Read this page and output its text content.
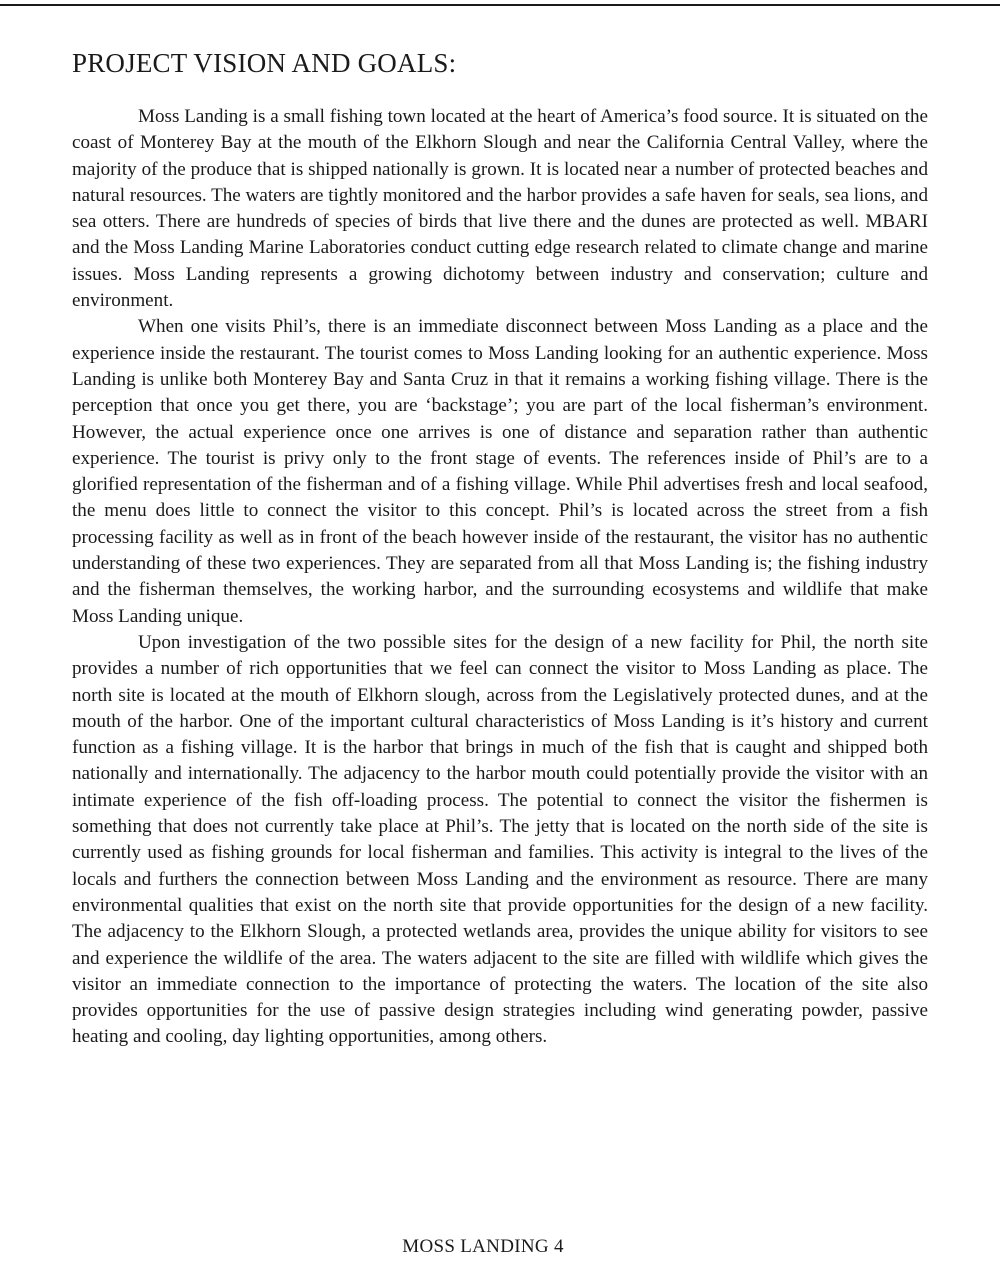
PROJECT VISION AND GOALS:

Moss Landing is a small fishing town located at the heart of America’s food source. It is situated on the coast of Monterey Bay at the mouth of the Elkhorn Slough and near the California Central Valley, where the majority of the produce that is shipped nationally is grown. It is located near a number of protected beaches and natural resources. The waters are tightly monitored and the harbor provides a safe haven for seals, sea lions, and sea otters. There are hundreds of species of birds that live there and the dunes are protected as well. MBARI and the Moss Landing Marine Laboratories conduct cutting edge research related to climate change and marine issues. Moss Landing represents a growing dichotomy between industry and conservation; culture and environment.

When one visits Phil’s, there is an immediate disconnect between Moss Landing as a place and the experience inside the restaurant. The tourist comes to Moss Landing looking for an authentic experience. Moss Landing is unlike both Monterey Bay and Santa Cruz in that it remains a working fishing village. There is the perception that once you get there, you are ‘backstage’; you are part of the local fisherman’s environment. However, the actual experience once one arrives is one of distance and separation rather than authentic experience. The tourist is privy only to the front stage of events. The references inside of Phil’s are to a glorified representation of the fisherman and of a fishing village. While Phil advertises fresh and local seafood, the menu does little to connect the visitor to this concept. Phil’s is located across the street from a fish processing facility as well as in front of the beach however inside of the restaurant, the visitor has no authentic understanding of these two experiences. They are separated from all that Moss Landing is; the fishing industry and the fisherman themselves, the working harbor, and the surrounding ecosystems and wildlife that make Moss Landing unique.

Upon investigation of the two possible sites for the design of a new facility for Phil, the north site provides a number of rich opportunities that we feel can connect the visitor to Moss Landing as place. The north site is located at the mouth of Elkhorn slough, across from the Legislatively protected dunes, and at the mouth of the harbor. One of the important cultural characteristics of Moss Landing is it’s history and current function as a fishing village. It is the harbor that brings in much of the fish that is caught and shipped both nationally and internationally. The adjacency to the harbor mouth could potentially provide the visitor with an intimate experience of the fish off-loading process. The potential to connect the visitor the fishermen is something that does not currently take place at Phil’s. The jetty that is located on the north side of the site is currently used as fishing grounds for local fisherman and families. This activity is integral to the lives of the locals and furthers the connection between Moss Landing and the environment as resource. There are many environmental qualities that exist on the north site that provide opportunities for the design of a new facility. The adjacency to the Elkhorn Slough, a protected wetlands area, provides the unique ability for visitors to see and experience the wildlife of the area. The waters adjacent to the site are filled with wildlife which gives the visitor an immediate connection to the importance of protecting the waters. The location of the site also provides opportunities for the use of passive design strategies including wind generating powder, passive heating and cooling, day lighting opportunities, among others.

MOSS LANDING 4
